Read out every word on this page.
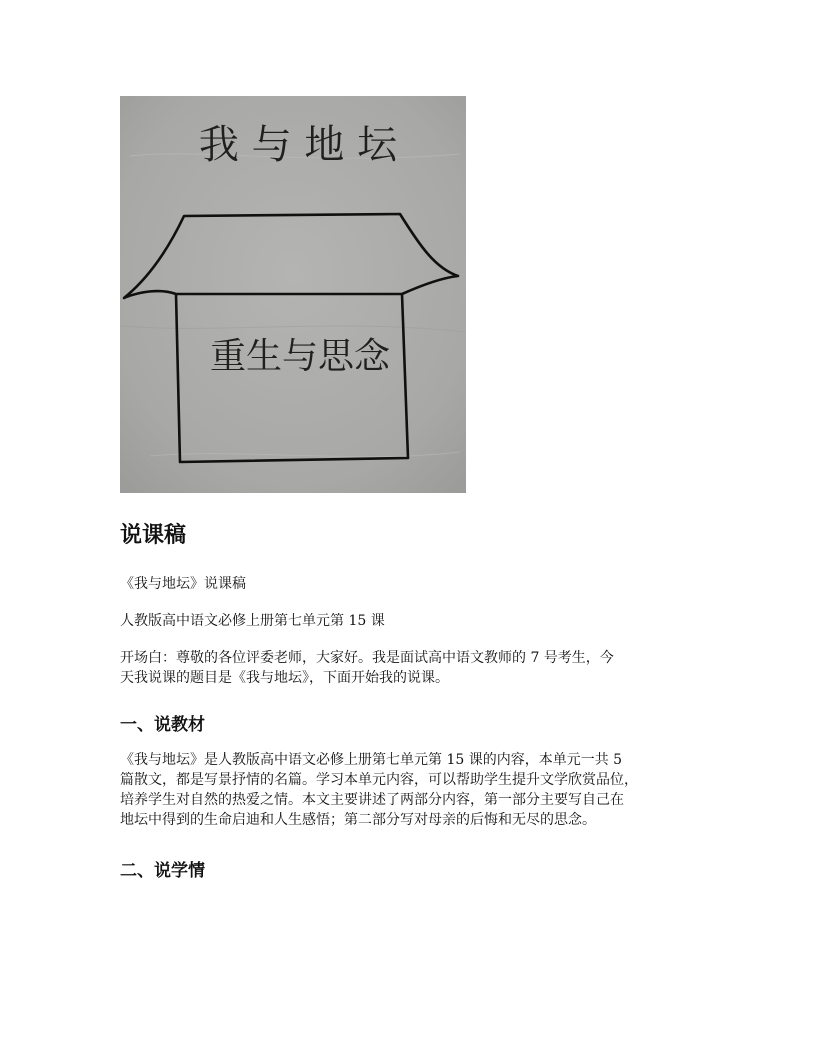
我 与 地 坛
重生与思念
说课稿

《我与地坛》说课稿

人教版高中语文必修上册第七单元第 15 课

开场白：尊敬的各位评委老师，大家好。我是面试高中语文教师的 7 号考生，今
天我说课的题目是《我与地坛》，下面开始我的说课。

一、说教材

《我与地坛》是人教版高中语文必修上册第七单元第 15 课的内容，本单元一共 5
篇散文，都是写景抒情的名篇。学习本单元内容，可以帮助学生提升文学欣赏品位，
培养学生对自然的热爱之情。本文主要讲述了两部分内容，第一部分主要写自己在
地坛中得到的生命启迪和人生感悟；第二部分写对母亲的后悔和无尽的思念。

二、说学情
